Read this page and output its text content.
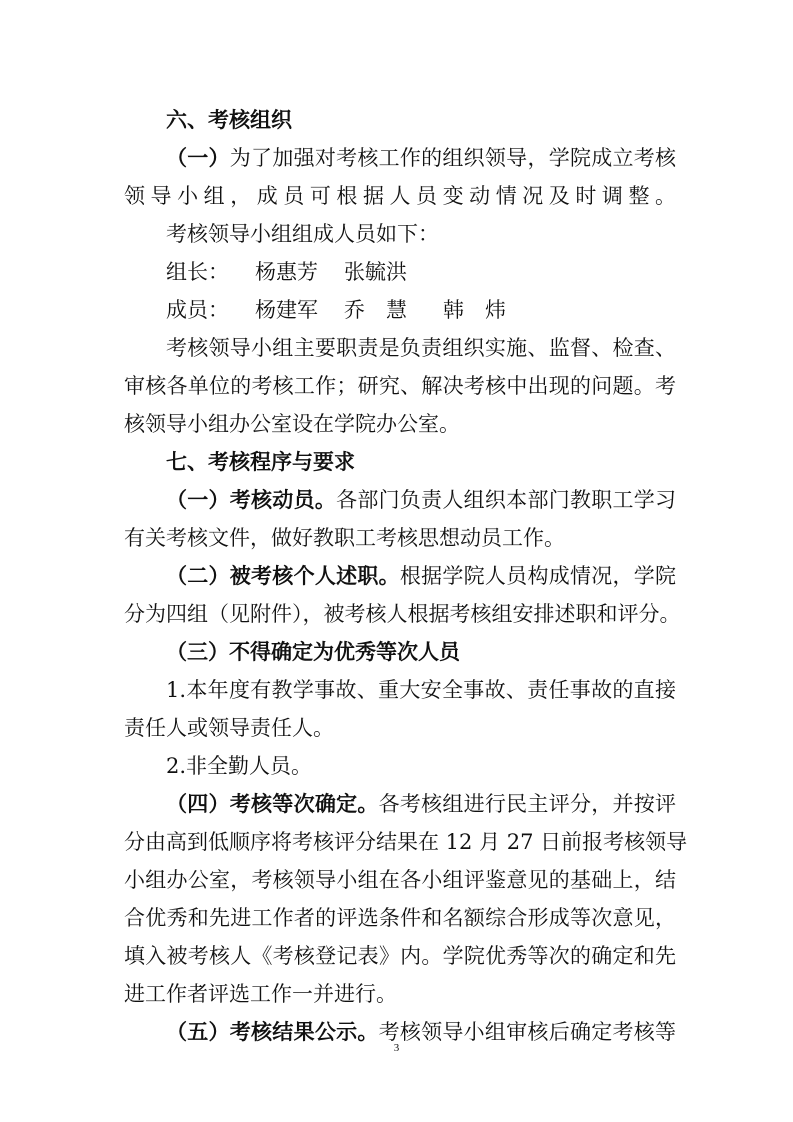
六、考核组织
（一）为了加强对考核工作的组织领导，学院成立考核
领导小组，成员可根据人员变动情况及时调整。
考核领导小组组成人员如下：
组长： 杨惠芳 张毓洪
成员： 杨建军 乔　慧 韩　炜
考核领导小组主要职责是负责组织实施、监督、检查、
审核各单位的考核工作；研究、解决考核中出现的问题。考
核领导小组办公室设在学院办公室。
七、考核程序与要求
（一）考核动员。各部门负责人组织本部门教职工学习
有关考核文件，做好教职工考核思想动员工作。
（二）被考核个人述职。根据学院人员构成情况，学院
分为四组（见附件），被考核人根据考核组安排述职和评分。
（三）不得确定为优秀等次人员
1.本年度有教学事故、重大安全事故、责任事故的直接
责任人或领导责任人。
2.非全勤人员。
（四）考核等次确定。各考核组进行民主评分，并按评
分由高到低顺序将考核评分结果在 12 月 27 日前报考核领导
小组办公室，考核领导小组在各小组评鉴意见的基础上，结
合优秀和先进工作者的评选条件和名额综合形成等次意见，
填入被考核人《考核登记表》内。学院优秀等次的确定和先
进工作者评选工作一并进行。
（五）考核结果公示。考核领导小组审核后确定考核等
3
